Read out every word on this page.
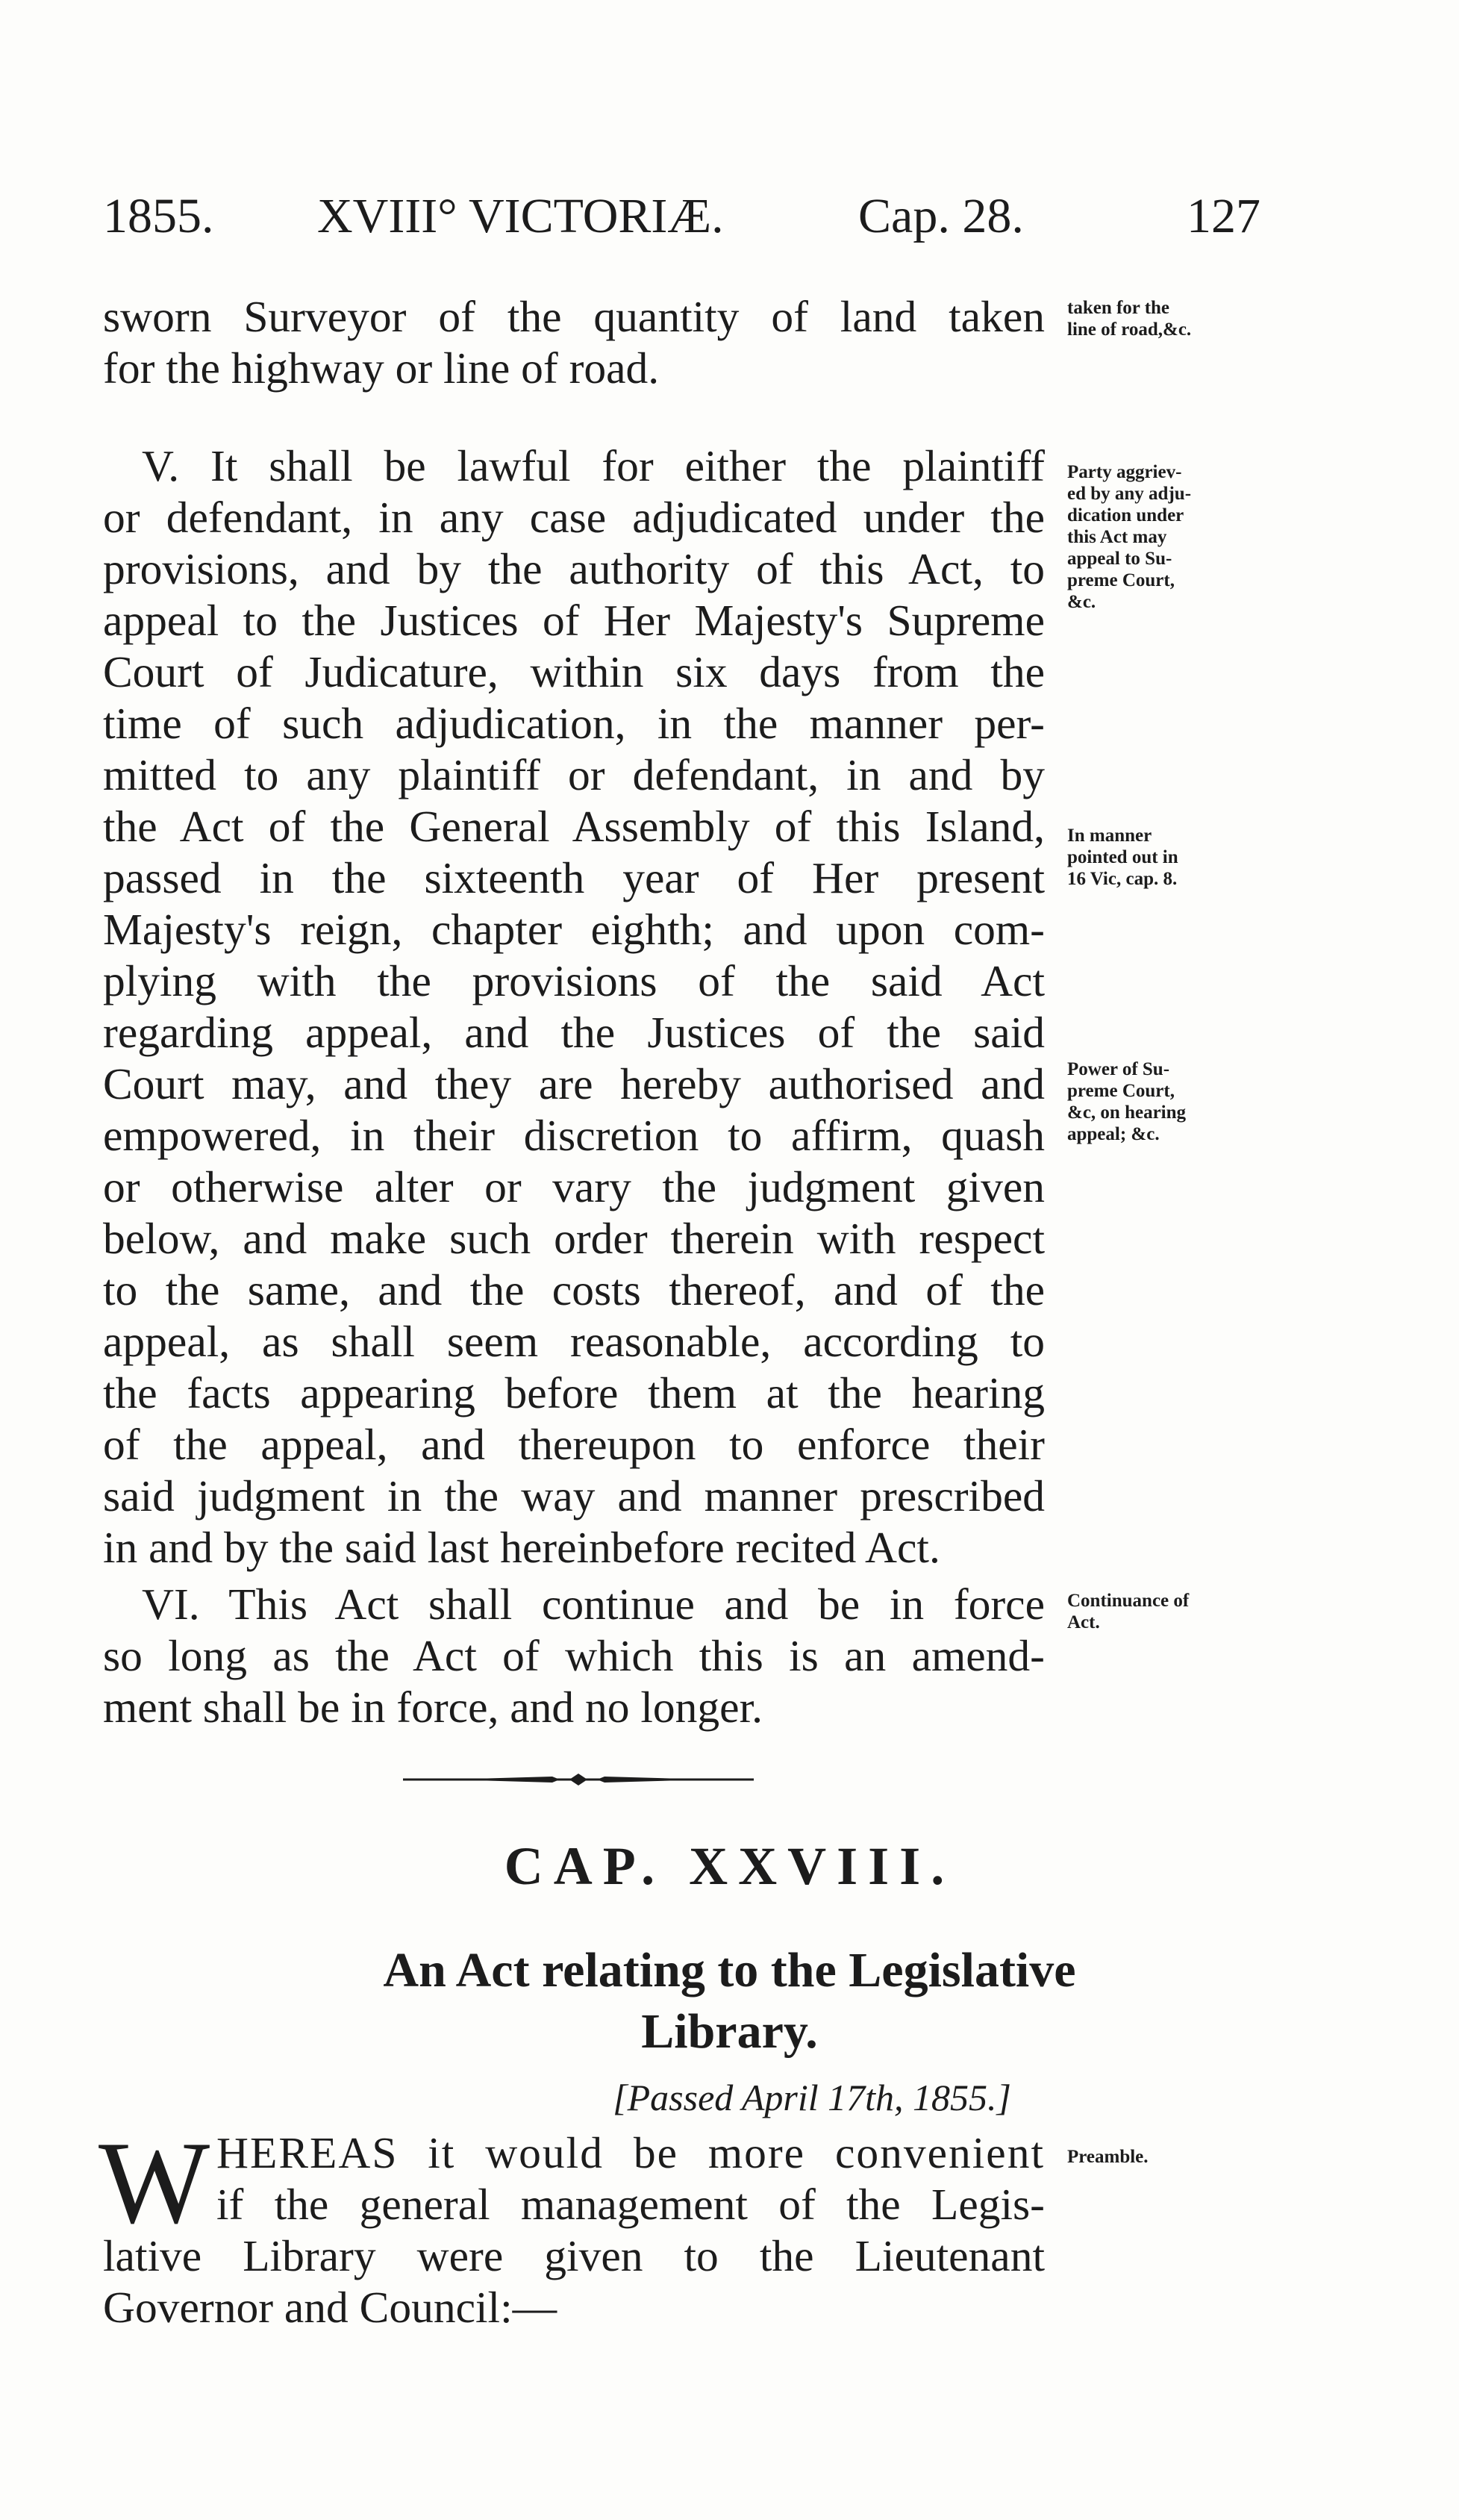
1855. XVIII° VICTORIÆ.	Cap. 28.	127
sworn Surveyor of the quantity of land taken
for the highway or line of road.
V. It shall be lawful for either the plaintiff
or defendant, in any case adjudicated under the
provisions, and by the authority of this Act, to
appeal to the Justices of Her Majesty's Supreme
Court of Judicature, within six days from the
time of such adjudication, in the manner per-
mitted to any plaintiff or defendant, in and by
the Act of the General Assembly of this Island,
passed in the sixteenth year of Her present
Majesty's reign, chapter eighth; and upon com-
plying with the provisions of the said Act
regarding appeal, and the Justices of the said
Court may, and they are hereby authorised and
empowered, in their discretion to affirm, quash
or otherwise alter or vary the judgment given
below, and make such order therein with respect
to the same, and the costs thereof, and of the
appeal, as shall seem reasonable, according to
the facts appearing before them at the hearing
of the appeal, and thereupon to enforce their
said judgment in the way and manner prescribed
in and by the said last hereinbefore recited Act.
VI. This Act shall continue and be in force
so long as the Act of which this is an amend-
ment shall be in force, and no longer.
CAP. XXVIII.
An Act relating to the Legislative
Library.
[Passed April 17th, 1855.]
W HEREAS it would be more convenient
if the general management of the Legis-
lative Library were given to the Lieutenant
Governor and Council:—
taken for the
line of road,&c.
Party aggriev-
ed by any adju-
dication under
this Act may
appeal to Su-
preme Court,
&c.
In manner
pointed out in
16 Vic, cap. 8.
Power of Su-
preme Court,
&c, on hearing
appeal; &c.
Continuance of
Act.
Preamble.
